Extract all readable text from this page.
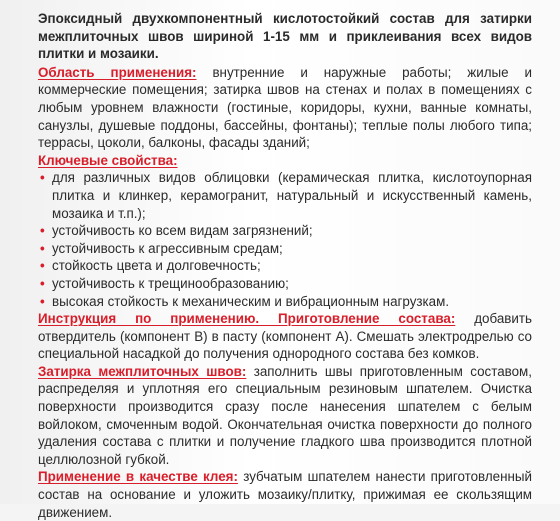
Эпоксидный двухкомпонентный кислотостойкий состав для затирки межплиточных швов шириной 1-15 мм и приклеивания всех видов плитки и мозаики.

Область применения: внутренние и наружные работы; жилые и коммерческие помещения; затирка швов на стенах и полах в помещениях с любым уровнем влажности (гостиные, коридоры, кухни, ванные комнаты, санузлы, душевые поддоны, бассейны, фонтаны); теплые полы любого типа; террасы, цоколи, балконы, фасады зданий;

Ключевые свойства:
• для различных видов облицовки (керамическая плитка, кислотоупорная плитка и клинкер, керамогранит, натуральный и искусственный камень, мозаика и т.п.);
• устойчивость ко всем видам загрязнений;
• устойчивость к агрессивным средам;
• стойкость цвета и долговечность;
• устойчивость к трещинообразованию;
• высокая стойкость к механическим и вибрационным нагрузкам.

Инструкция по применению. Приготовление состава: добавить отвердитель (компонент В) в пасту (компонент А). Смешать электродрелью со специальной насадкой до получения однородного состава без комков.

Затирка межплиточных швов: заполнить швы приготовленным составом, распределяя и уплотняя его специальным резиновым шпателем. Очистка поверхности производится сразу после нанесения шпателем с белым войлоком, смоченным водой. Окончательная очистка поверхности до полного удаления состава с плитки и получение гладкого шва производится плотной целлюлозной губкой.

Применение в качестве клея: зубчатым шпателем нанести приготовленный состав на основание и уложить мозаику/плитку, прижимая ее скользящим движением.
